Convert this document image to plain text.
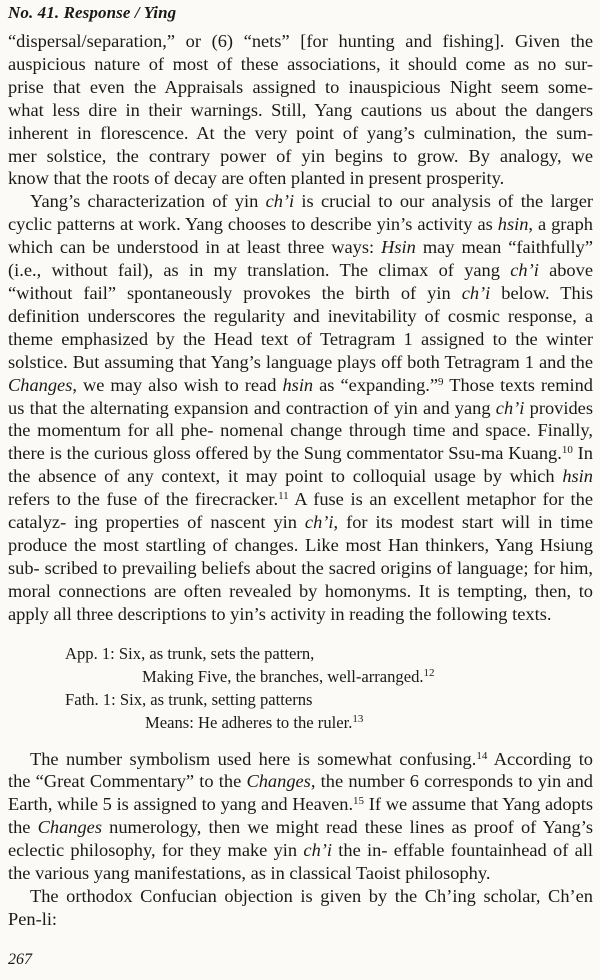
No. 41. Response / Ying

“dispersal/separation,” or (6) “nets” [for hunting and fishing]. Given the
auspicious nature of most of these associations, it should come as no sur-
prise that even the Appraisals assigned to inauspicious Night seem some-
what less dire in their warnings. Still, Yang cautions us about the dangers
inherent in florescence. At the very point of yang’s culmination, the sum-
mer solstice, the contrary power of yin begins to grow. By analogy, we
know that the roots of decay are often planted in present prosperity.

Yang’s characterization of yin ch’i is crucial to our analysis of the larger cyclic patterns at work. Yang chooses to describe yin’s activity as hsin, a graph which can be understood in at least three ways: Hsin may mean “faithfully” (i.e., without fail), as in my translation. The climax of yang ch’i above “without fail” spontaneously provokes the birth of yin ch’i below. This definition underscores the regularity and inevitability of cosmic response, a theme emphasized by the Head text of Tetragram 1 assigned to the winter solstice. But assuming that Yang’s language plays off both Tetragram 1 and the Changes, we may also wish to read hsin as “expanding.”$^9$ Those texts remind us that the alternating expansion and contraction of yin and yang ch’i provides the momentum for all phe- nomenal change through time and space. Finally, there is the curious gloss offered by the Sung commentator Ssu-ma Kuang.$^{10}$ In the absence of any context, it may point to colloquial usage by which hsin refers to the fuse of the firecracker.$^{11}$ A fuse is an excellent metaphor for the catalyz- ing properties of nascent yin ch’i, for its modest start will in time produce the most startling of changes. Like most Han thinkers, Yang Hsiung sub- scribed to prevailing beliefs about the sacred origins of language; for him, moral connections are often revealed by homonyms. It is tempting, then, to apply all three descriptions to yin’s activity in reading the following texts.

App. 1: Six, as trunk, sets the pattern,
Making Five, the branches, well-arranged.$^{12}$
Fath. 1: Six, as trunk, setting patterns
Means: He adheres to the ruler.$^{13}$

The number symbolism used here is somewhat confusing.$^{14}$ According to the “Great Commentary” to the Changes, the number 6 corresponds to yin and Earth, while 5 is assigned to yang and Heaven.$^{15}$ If we assume that Yang adopts the Changes numerology, then we might read these lines as proof of Yang’s eclectic philosophy, for they make yin ch’i the in- effable fountainhead of all the various yang manifestations, as in classical Taoist philosophy.

The orthodox Confucian objection is given by the Ch’ing scholar, Ch’en Pen-li:

267
